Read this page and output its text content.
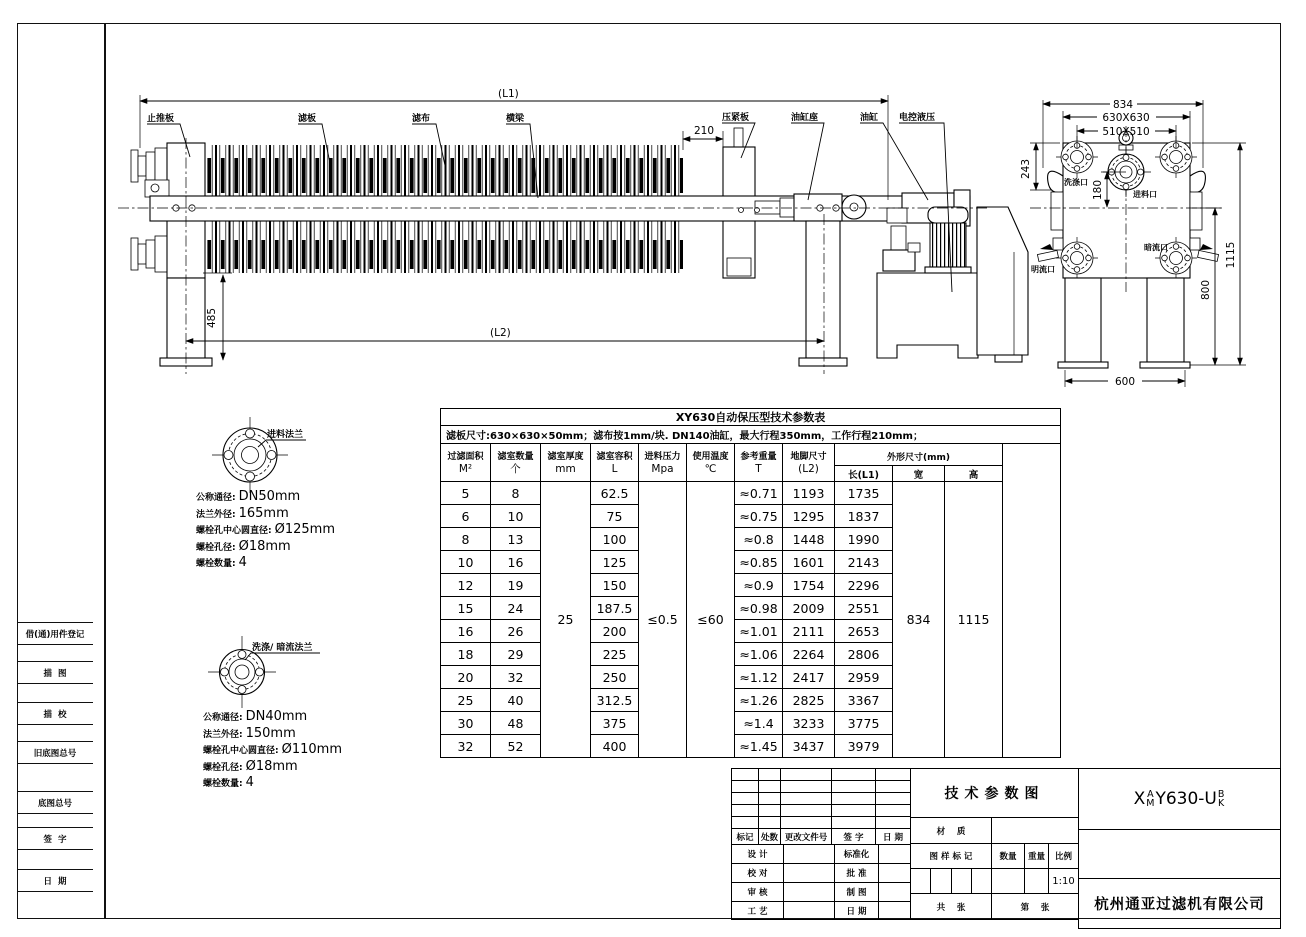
借(通)用件登记
描  图
描  校
旧底图总号
底图总号
签  字
日  期
(L1)
210
485
(L2)
止推板	滤板	滤布	横梁	压紧板	油缸座	油缸 电控液压
834
630X630
510X510
243
180
1115
800
600
洗涤口
进料口
暗流口
明流口
进料法兰
洗涤/ 暗流法兰
公称通径: DN50mm
法兰外径: 165mm
螺栓孔中心圆直径: Ø125mm
螺栓孔径: Ø18mm
螺栓数量: 4
公称通径: DN40mm
法兰外径: 150mm
螺栓孔中心圆直径: Ø110mm
螺栓孔径: Ø18mm
螺栓数量: 4
XY630自动保压型技术参数表										
滤板尺寸:630×630×50mm；滤布按1mm/块. DN140油缸，最大行程350mm，工作行程210mm；										

过滤面积
M²

滤室数量
个

滤室厚度
mm

滤室容积
L

进料压力
Mpa

使用温度
℃

参考重量
T

地脚尺寸
(L2)
	外形尺寸(mm)
								长(L1)	宽	高
5	8	25	62.5	≤0.5	≤60	≈0.71	1193	1735	834	1115
6	10		75			≈0.75	1295	1837		
8	13		100			≈0.8	1448	1990		
10	16		125			≈0.85	1601	2143		
12	19		150			≈0.9	1754	2296		
15	24		187.5			≈0.98	2009	2551		
16	26		200			≈1.01	2111	2653		
18	29		225			≈1.06	2264	2806		
20	32		250			≈1.12	2417	2959		
25	40		312.5			≈1.26	2825	3367		
30	48		375			≈1.4	3233	3775		
32	52		400			≈1.45	3437	3979		

标记	处数	更改文件号	签 字	日 期
设 计		标准化	
校 对		批 准	
审 核		制 图	
工 艺		日 期	
技术参数图			
材    质			
图 样 标 记	数量	重量	比例

			1:10
共    张	第    张		

X A
M Y630-U B
K

杭州通亚过滤机有限公司
